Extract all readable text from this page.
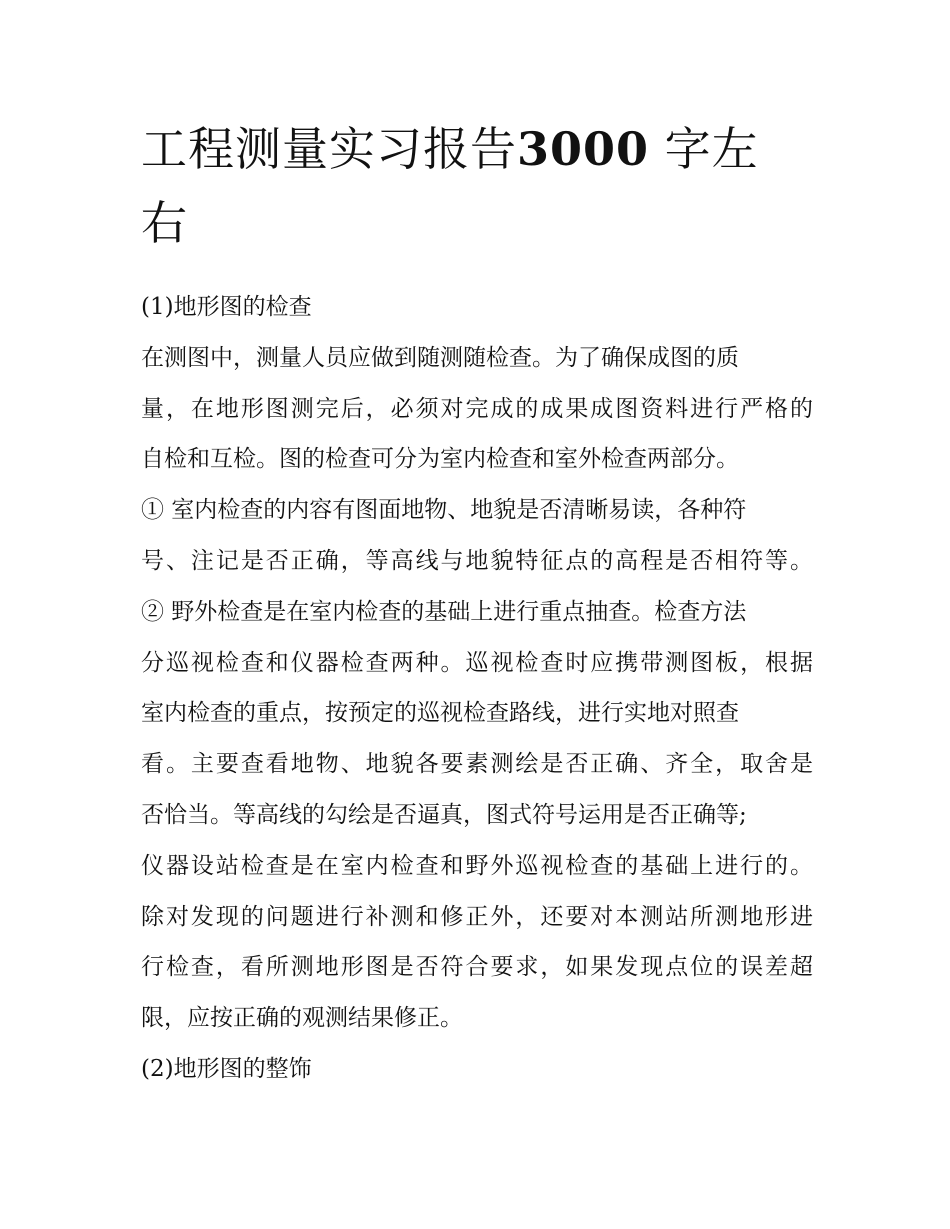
工程测量实习报告3000 字左
右
(1)地形图的检查
在测图中，测量人员应做到随测随检查。为了确保成图的质
量，在地形图测完后，必须对完成的成果成图资料进行严格的
自检和互检。图的检查可分为室内检查和室外检查两部分。
① 室内检查的内容有图面地物、地貌是否清晰易读，各种符
号、注记是否正确，等高线与地貌特征点的高程是否相符等。
② 野外检查是在室内检查的基础上进行重点抽查。检查方法
分巡视检查和仪器检查两种。巡视检查时应携带测图板，根据
室内检查的重点，按预定的巡视检查路线，进行实地对照查
看。主要查看地物、地貌各要素测绘是否正确、齐全，取舍是
否恰当。等高线的勾绘是否逼真，图式符号运用是否正确等;
仪器设站检查是在室内检查和野外巡视检查的基础上进行的。
除对发现的问题进行补测和修正外，还要对本测站所测地形进
行检查，看所测地形图是否符合要求，如果发现点位的误差超
限，应按正确的观测结果修正。
(2)地形图的整饰
